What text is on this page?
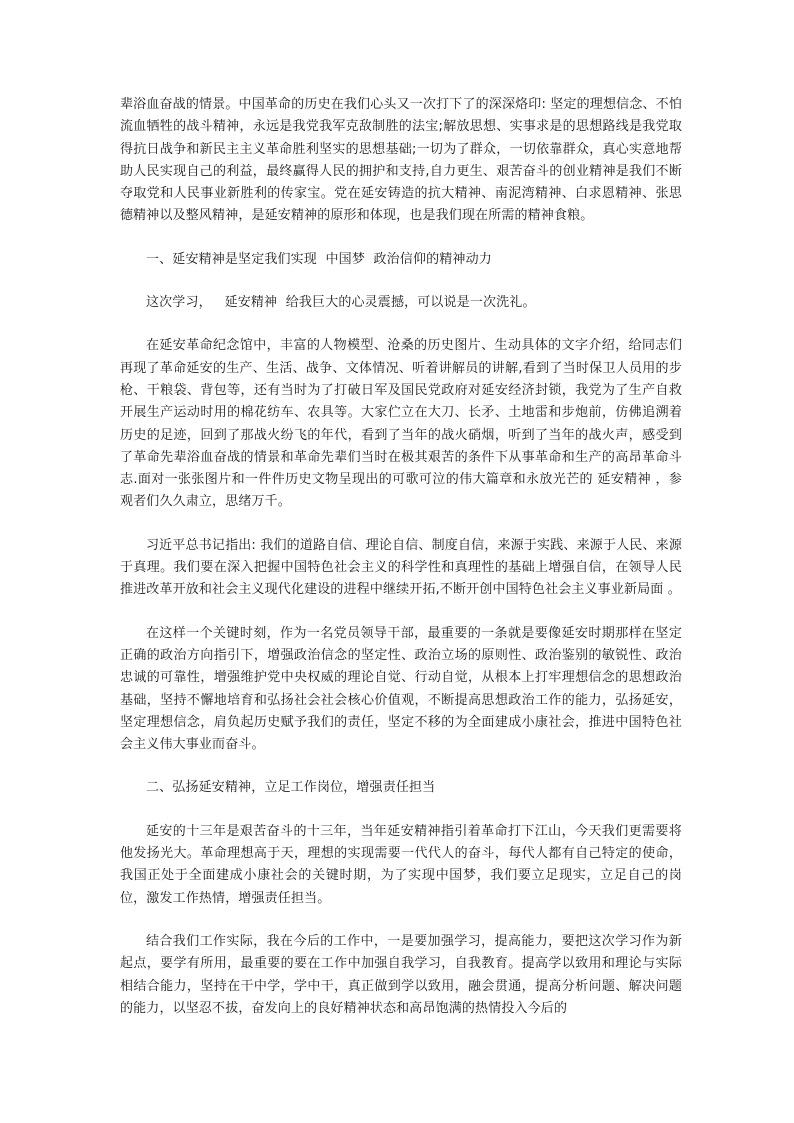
辈浴血奋战的情景。中国革命的历史在我们心头又一次打下了的深深烙印: 坚定的理想信念、不怕流血牺牲的战斗精神，永远是我党我军克敌制胜的法宝;解放思想、实事求是的思想路线是我党取得抗日战争和新民主主义革命胜利坚实的思想基础;一切为了群众，一切依靠群众，真心实意地帮助人民实现自己的利益，最终赢得人民的拥护和支持,自力更生、艰苦奋斗的创业精神是我们不断夺取党和人民事业新胜利的传家宝。党在延安铸造的抗大精神、南泥湾精神、白求恩精神、张思德精神以及整风精神，是延安精神的原形和体现，也是我们现在所需的精神食粮。

一、延安精神是坚定我们实现  中国梦  政治信仰的精神动力

这次学习，   延安精神  给我巨大的心灵震撼，可以说是一次洗礼。

在延安革命纪念馆中，丰富的人物模型、沧桑的历史图片、生动具体的文字介绍，给同志们再现了革命延安的生产、生活、战争、文体情况、听着讲解员的讲解,看到了当时保卫人员用的步枪、干粮袋、背包等，还有当时为了打破日军及国民党政府对延安经济封锁，我党为了生产自救开展生产运动时用的棉花纺车、农具等。大家伫立在大刀、长矛、土地雷和步炮前，仿佛追溯着历史的足迹，回到了那战火纷飞的年代，看到了当年的战火硝烟，听到了当年的战火声，感受到了革命先辈浴血奋战的情景和革命先辈们当时在极其艰苦的条件下从事革命和生产的高昂革命斗志.面对一张张图片和一件件历史文物呈现出的可歌可泣的伟大篇章和永放光芒的 延安精神 ，参观者们久久肃立，思绪万千。

习近平总书记指出: 我们的道路自信、理论自信、制度自信，来源于实践、来源于人民、来源于真理。我们要在深入把握中国特色社会主义的科学性和真理性的基础上增强自信，在领导人民推进改革开放和社会主义现代化建设的进程中继续开拓,不断开创中国特色社会主义事业新局面 。

在这样一个关键时刻，作为一名党员领导干部，最重要的一条就是要像延安时期那样在坚定正确的政治方向指引下，增强政治信念的坚定性、政治立场的原则性、政治鉴别的敏锐性、政治忠诚的可靠性，增强维护党中央权威的理论自觉、行动自觉，从根本上打牢理想信念的思想政治基础，坚持不懈地培育和弘扬社会社会核心价值观，不断提高思想政治工作的能力，弘扬延安，坚定理想信念，肩负起历史赋予我们的责任，坚定不移的为全面建成小康社会，推进中国特色社会主义伟大事业而奋斗。

二、弘扬延安精神，立足工作岗位，增强责任担当

延安的十三年是艰苦奋斗的十三年，当年延安精神指引着革命打下江山，今天我们更需要将他发扬光大。革命理想高于天，理想的实现需要一代代人的奋斗，每代人都有自己特定的使命，我国正处于全面建成小康社会的关键时期，为了实现中国梦，我们要立足现实，立足自己的岗位，激发工作热情，增强责任担当。

结合我们工作实际，我在今后的工作中，一是要加强学习，提高能力，要把这次学习作为新起点，要学有所用，最重要的要在工作中加强自我学习，自我教育。提高学以致用和理论与实际相结合能力，坚持在干中学，学中干，真正做到学以致用，融会贯通，提高分析问题、解决问题的能力，以坚忍不拔，奋发向上的良好精神状态和高昂饱满的热情投入今后的
